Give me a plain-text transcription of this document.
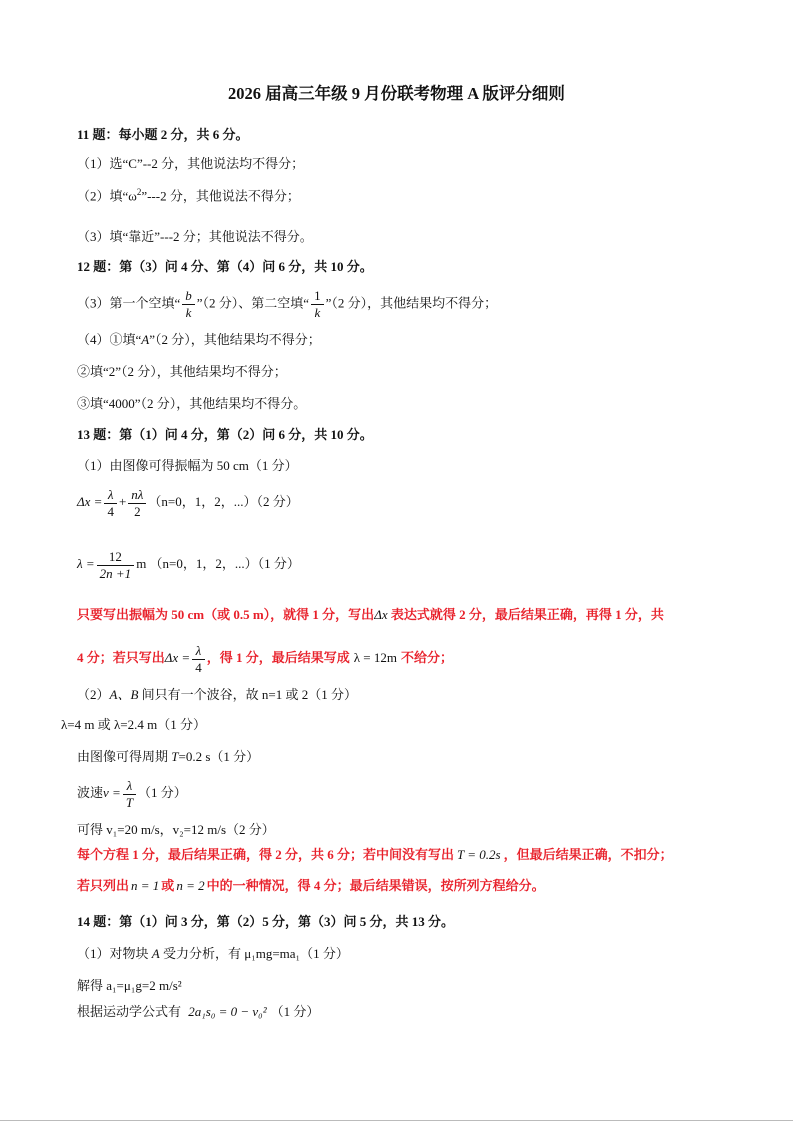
2026 届高三年级 9 月份联考物理 A 版评分细则
11 题：每小题 2 分，共 6 分。
（1）选“C”--2 分，其他说法均不得分；
（2）填“$\omega^2”---2$ 分，其他说法不得分；
（3）填“靠近”---2 分；其他说法不得分。
12 题：第（3）问 4 分、第（4）问 6 分，共 10 分。
（3）第一个空填“ $\frac{b}{k}$ ”（2 分）、第二空填“ $\frac{1}{k}$ ”（2 分），其他结果均不得分；
（4）①填“A”（2 分），其他结果均不得分；
②填“2”（2 分），其他结果均不得分；
③填“4000”（2 分），其他结果均不得分。
13 题：第（1）问 4 分，第（2）问 6 分，共 10 分。
（1）由图像可得振幅为 50 cm（1 分）
$\Delta x = \frac{\lambda}{4} + \frac{n\lambda}{2} (n=0$，1，2，...）（2 分）
$\lambda = \frac{12}{2n +1}$ m （n=0，1，2，...）（1 分）
只要写出振幅为 50 cm（或 0.5 m），就得 1 分，写出Δx 表达式就得 2 分，最后结果正确，再得 1 分，共
4 分；若只写出$\Delta x = \frac{\lambda}{4}$ ，得 1 分，最后结果写成 λ = 12m 不给分；
（2）A、B 间只有一个波谷，故 n=1 或 2（1 分）
λ=4 m 或 λ=2.4 m（1 分）
由图像可得周期 T=0.2 s（1 分）
波速$v = \frac{\lambda}{T} (1$ 分）
可得 v₁=20 m/s，v₂=12 m/s（2 分）
每个方程 1 分，最后结果正确，得 2 分，共 6 分；若中间没有写出 T = 0.2s ，但最后结果正确，不扣分；
若只列出 n = 1 或 n = 2 中的一种情况，得 4 分；最后结果错误，按所列方程给分。
14 题：第（1）问 3 分，第（2）5 分，第（3）问 5 分，共 13 分。
（1）对物块 A 受力分析，有 μ₁mg=ma₁（1 分）
解得 a₁=μ₁g=2 m/s²
根据运动学公式有 2a₁s₀ = 0 − v₀² （1 分）
